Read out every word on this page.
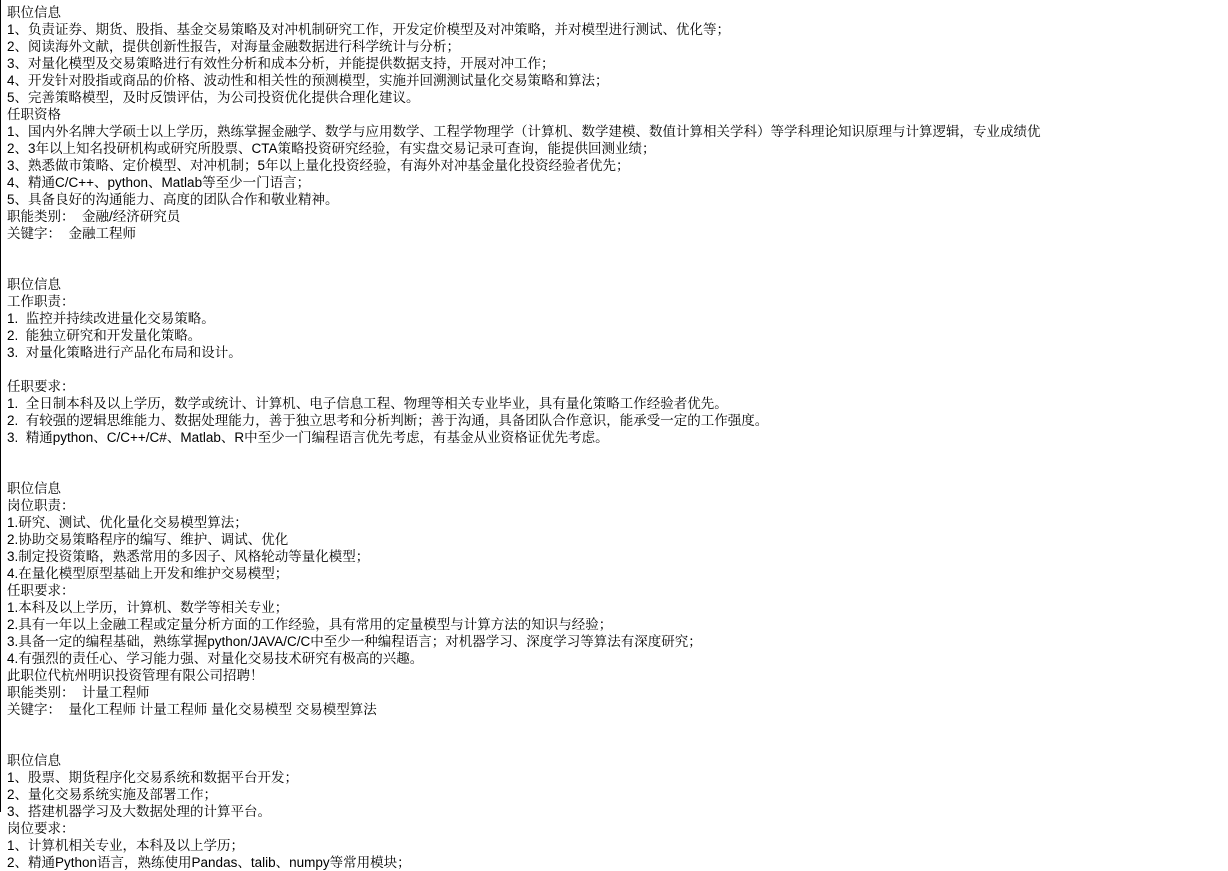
职位信息
1、负责证券、期货、股指、基金交易策略及对冲机制研究工作，开发定价模型及对冲策略，并对模型进行测试、优化等；
2、阅读海外文献，提供创新性报告，对海量金融数据进行科学统计与分析；
3、对量化模型及交易策略进行有效性分析和成本分析，并能提供数据支持，开展对冲工作；
4、开发针对股指或商品的价格、波动性和相关性的预测模型，实施并回溯测试量化交易策略和算法；
5、完善策略模型，及时反馈评估，为公司投资优化提供合理化建议。
任职资格
1、国内外名牌大学硕士以上学历，熟练掌握金融学、数学与应用数学、工程学物理学（计算机、数学建模、数值计算相关学科）等学科理论知识原理与计算逻辑，专业成绩优
2、3年以上知名投研机构或研究所股票、CTA策略投资研究经验，有实盘交易记录可查询，能提供回测业绩；
3、熟悉做市策略、定价模型、对冲机制；5年以上量化投资经验，有海外对冲基金量化投资经验者优先；
4、精通C/C++、python、Matlab等至少一门语言；
5、具备良好的沟通能力、高度的团队合作和敬业精神。
职能类别：  金融/经济研究员
关键字：  金融工程师
职位信息
工作职责：
1.  监控并持续改进量化交易策略。
2.  能独立研究和开发量化策略。
3.  对量化策略进行产品化布局和设计。

任职要求：
1.  全日制本科及以上学历，数学或统计、计算机、电子信息工程、物理等相关专业毕业，具有量化策略工作经验者优先。
2.  有较强的逻辑思维能力、数据处理能力，善于独立思考和分析判断；善于沟通，具备团队合作意识，能承受一定的工作强度。
3.  精通python、C/C++/C#、Matlab、R中至少一门编程语言优先考虑，有基金从业资格证优先考虑。
职位信息
岗位职责：
1.研究、测试、优化量化交易模型算法；
2.协助交易策略程序的编写、维护、调试、优化
3.制定投资策略，熟悉常用的多因子、风格轮动等量化模型；
4.在量化模型原型基础上开发和维护交易模型；
任职要求：
1.本科及以上学历，计算机、数学等相关专业；
2.具有一年以上金融工程或定量分析方面的工作经验，具有常用的定量模型与计算方法的知识与经验；
3.具备一定的编程基础，熟练掌握python/JAVA/C/C中至少一种编程语言；对机器学习、深度学习等算法有深度研究；
4.有强烈的责任心、学习能力强、对量化交易技术研究有极高的兴趣。
此职位代杭州明识投资管理有限公司招聘！
职能类别：  计量工程师
关键字：  量化工程师 计量工程师 量化交易模型 交易模型算法
职位信息
1、股票、期货程序化交易系统和数据平台开发；
2、量化交易系统实施及部署工作；
3、搭建机器学习及大数据处理的计算平台。
岗位要求：
1、计算机相关专业，本科及以上学历；
2、精通Python语言，熟练使用Pandas、talib、numpy等常用模块；
